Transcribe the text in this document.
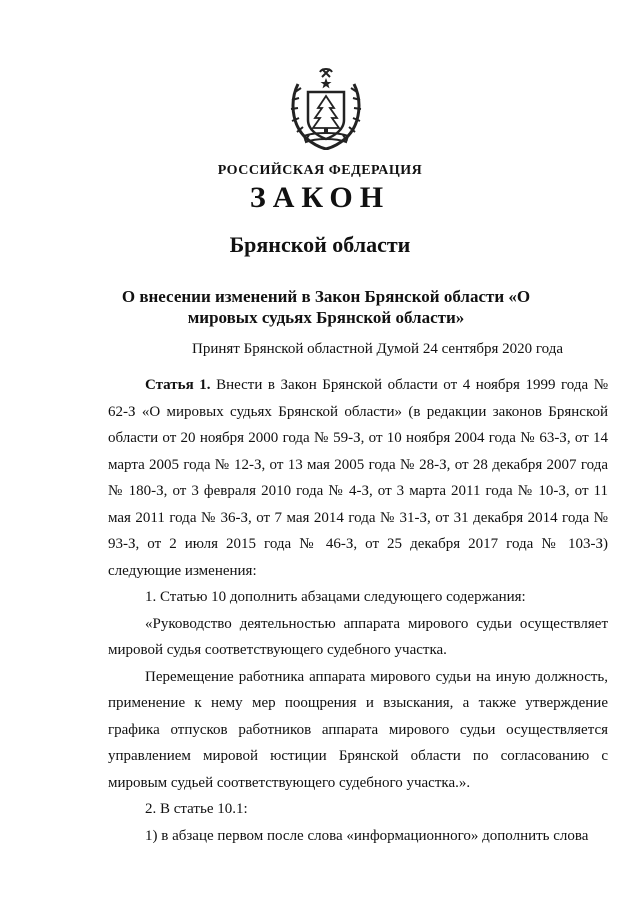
РОССИЙСКАЯ ФЕДЕРАЦИЯ
ЗАКОН
Брянской области
О внесении изменений в Закон Брянской области «О мировых судьях Брянской области»
Принят Брянской областной Думой 24 сентября 2020 года

Статья 1. Внести в Закон Брянской области от 4 ноября 1999 года № 62-З «О мировых судьях Брянской области» (в редакции законов Брянской области от 20 ноября 2000 года № 59-З, от 10 ноября 2004 года № 63-З, от 14 марта 2005 года № 12-З, от 13 мая 2005 года № 28-З, от 28 декабря 2007 года № 180-З, от 3 февраля 2010 года № 4-З, от 3 марта 2011 года № 10-З, от 11 мая 2011 года № 36-З, от 7 мая 2014 года № 31-З, от 31 декабря 2014 года № 93-З, от 2 июля 2015 года № 46-З, от 25 декабря 2017 года № 103-З) следующие изменения:

1. Статью 10 дополнить абзацами следующего содержания:

«Руководство деятельностью аппарата мирового судьи осуществляет мировой судья соответствующего судебного участка.

Перемещение работника аппарата мирового судьи на иную должность, применение к нему мер поощрения и взыскания, а также утверждение графика отпусков работников аппарата мирового судьи осуществляется управлением мировой юстиции Брянской области по согласованию с мировым судьей соответствующего судебного участка.».

2. В статье 10.1:

1) в абзаце первом после слова «информационного» дополнить слова
